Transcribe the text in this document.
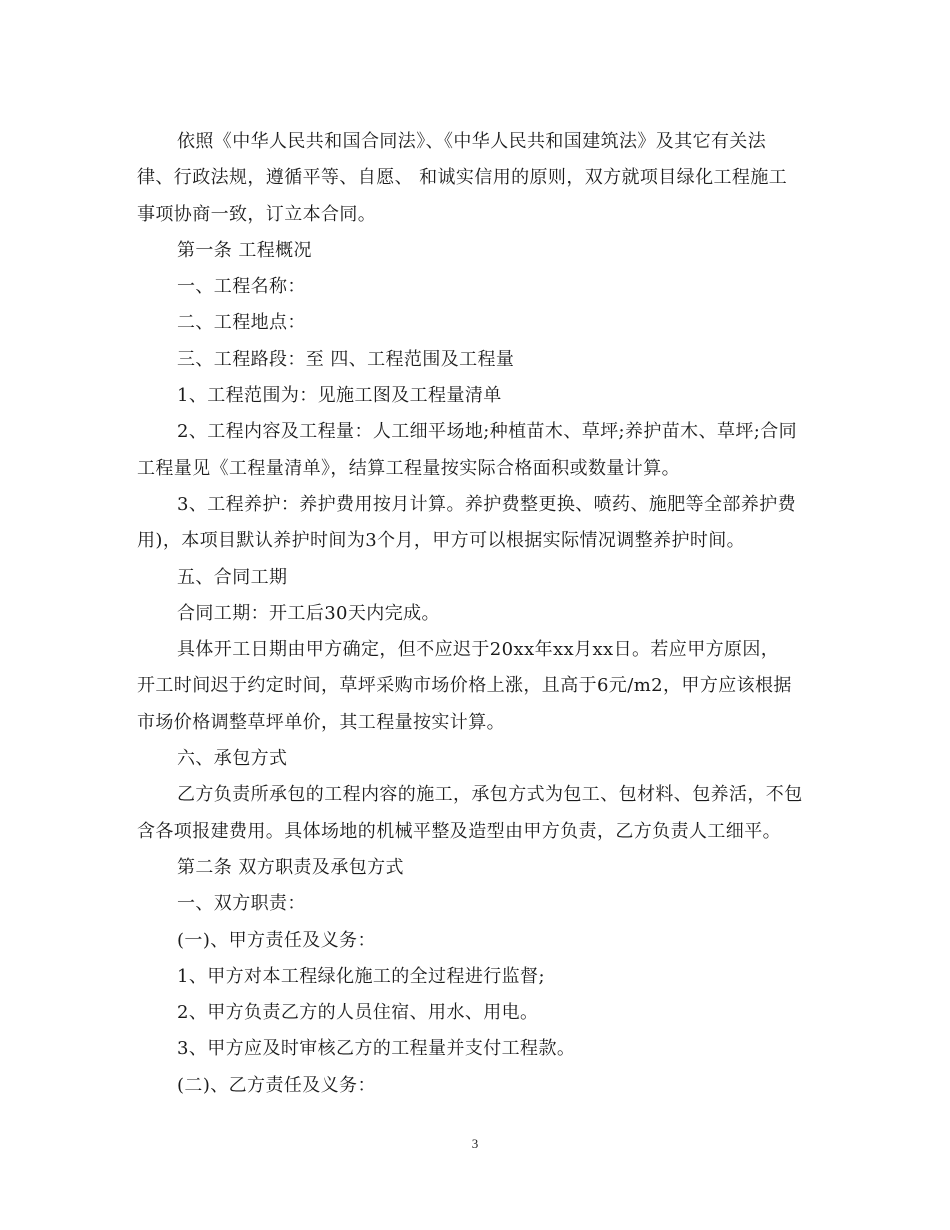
依照《中华人民共和国合同法》、《中华人民共和国建筑法》及其它有关法
律、行政法规，遵循平等、自愿、 和诚实信用的原则，双方就项目绿化工程施工
事项协商一致，订立本合同。

第一条 工程概况

一、工程名称：

二、工程地点：

三、工程路段：至 四、工程范围及工程量

1、工程范围为：见施工图及工程量清单

2、工程内容及工程量：人工细平场地;种植苗木、草坪;养护苗木、草坪;合同
工程量见《工程量清单》，结算工程量按实际合格面积或数量计算。

3、工程养护：养护费用按月计算。养护费整更换、喷药、施肥等全部养护费
用)，本项目默认养护时间为3个月，甲方可以根据实际情况调整养护时间。

五、合同工期

合同工期：开工后30天内完成。

具体开工日期由甲方确定，但不应迟于20xx年xx月xx日。若应甲方原因，
开工时间迟于约定时间，草坪采购市场价格上涨，且高于6元/m2，甲方应该根据
市场价格调整草坪单价，其工程量按实计算。

六、承包方式

乙方负责所承包的工程内容的施工，承包方式为包工、包材料、包养活，不包
含各项报建费用。具体场地的机械平整及造型由甲方负责，乙方负责人工细平。

第二条 双方职责及承包方式

一、双方职责：

(一)、甲方责任及义务：

1、甲方对本工程绿化施工的全过程进行监督;

2、甲方负责乙方的人员住宿、用水、用电。

3、甲方应及时审核乙方的工程量并支付工程款。

(二)、乙方责任及义务：

3
